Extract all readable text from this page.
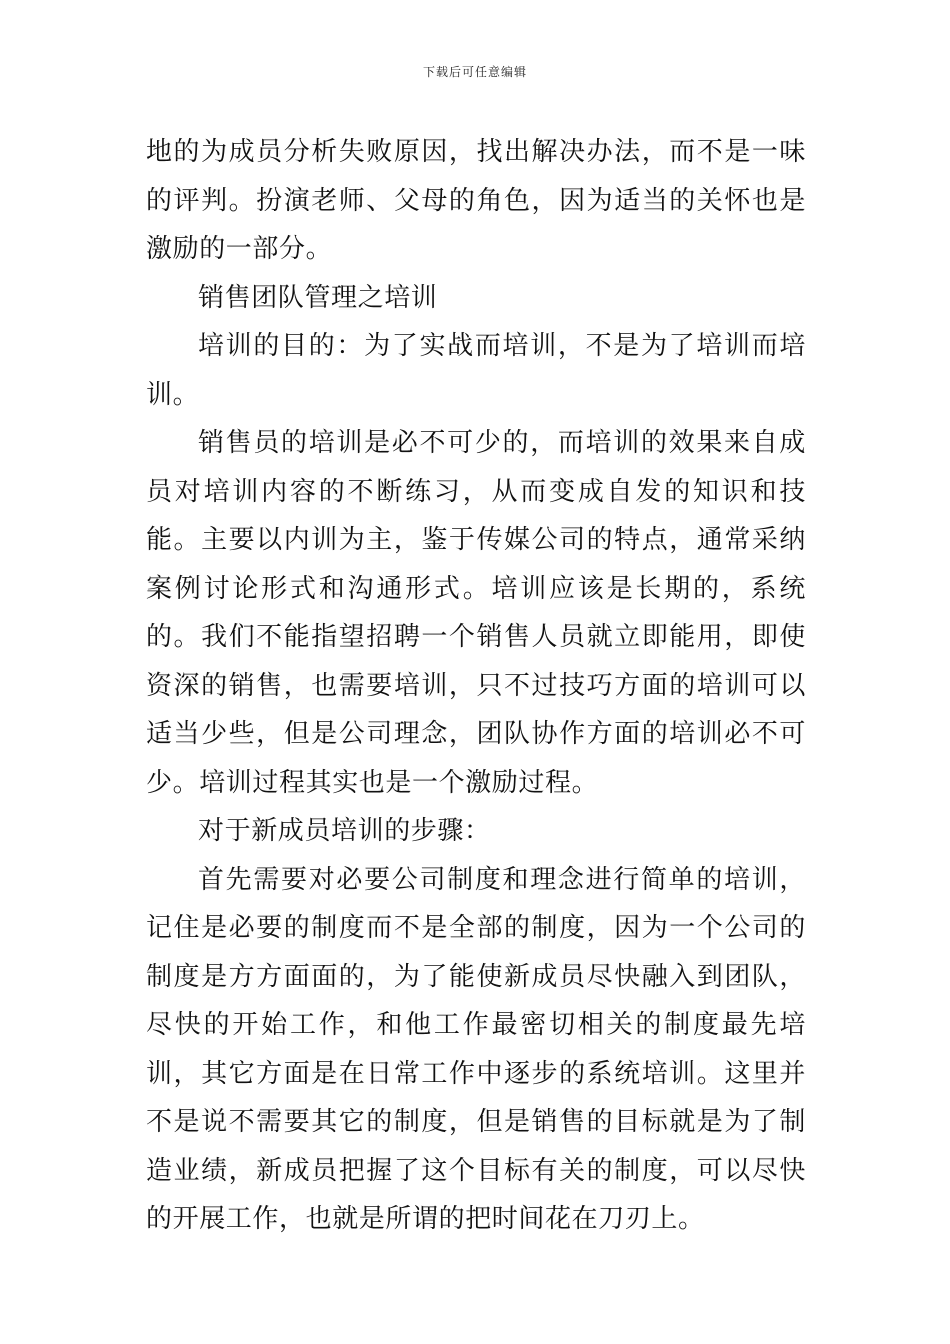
下载后可任意编辑

地的为成员分析失败原因，找出解决办法，而不是一味的评判。扮演老师、父母的角色，因为适当的关怀也是激励的一部分。

销售团队管理之培训

培训的目的：为了实战而培训，不是为了培训而培训。

销售员的培训是必不可少的，而培训的效果来自成员对培训内容的不断练习，从而变成自发的知识和技能。主要以内训为主，鉴于传媒公司的特点，通常采纳案例讨论形式和沟通形式。培训应该是长期的，系统的。我们不能指望招聘一个销售人员就立即能用，即使资深的销售，也需要培训，只不过技巧方面的培训可以适当少些，但是公司理念，团队协作方面的培训必不可少。培训过程其实也是一个激励过程。

对于新成员培训的步骤：

首先需要对必要公司制度和理念进行简单的培训，记住是必要的制度而不是全部的制度，因为一个公司的制度是方方面面的，为了能使新成员尽快融入到团队，尽快的开始工作，和他工作最密切相关的制度最先培训，其它方面是在日常工作中逐步的系统培训。这里并不是说不需要其它的制度，但是销售的目标就是为了制造业绩，新成员把握了这个目标有关的制度，可以尽快的开展工作，也就是所谓的把时间花在刀刃上。
